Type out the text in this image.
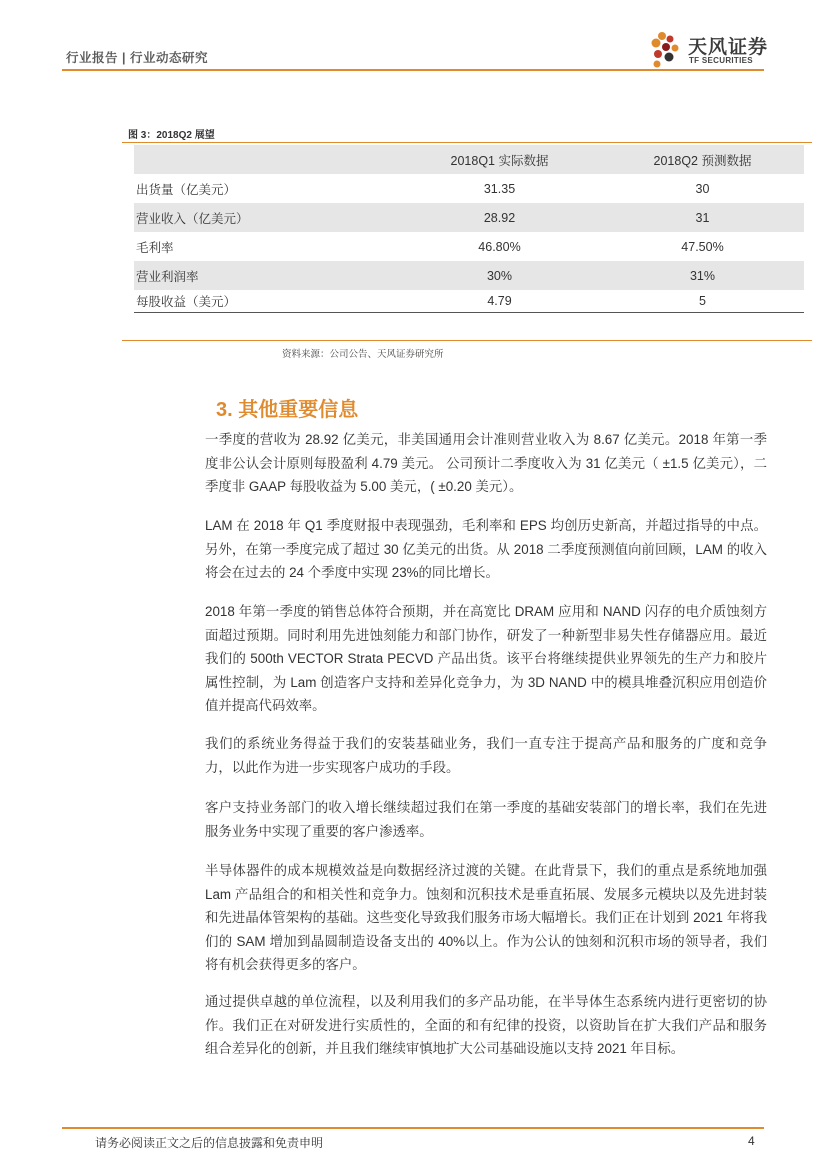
行业报告 | 行业动态研究	天风证券
TF SECURITIES
图 3：2018Q2 展望
	2018Q1 实际数据	2018Q2 预测数据
出货量（亿美元）	31.35	30
营业收入（亿美元）	28.92	31
毛利率	46.80%	47.50%
营业利润率	30%	31%
每股收益（美元）	4.79	5
资料来源：公司公告、天风证券研究所
3. 其他重要信息

一季度的营收为 28.92 亿美元，非美国通用会计准则营业收入为 8.67 亿美元。2018 年第一季度非公认会计原则每股盈利 4.79 美元。 公司预计二季度收入为 31 亿美元（ ±1.5 亿美元），二季度非 GAAP 每股收益为 5.00 美元，( ±0.20 美元）。

LAM 在 2018 年 Q1 季度财报中表现强劲，毛利率和 EPS 均创历史新高，并超过指导的中点。另外，在第一季度完成了超过 30 亿美元的出货。从 2018 二季度预测值向前回顾，LAM 的收入将会在过去的 24 个季度中实现 23%的同比增长。

2018 年第一季度的销售总体符合预期，并在高宽比 DRAM 应用和 NAND 闪存的电介质蚀刻方面超过预期。同时利用先进蚀刻能力和部门协作，研发了一种新型非易失性存储器应用。最近我们的 500th VECTOR Strata PECVD 产品出货。该平台将继续提供业界领先的生产力和胶片属性控制，为 Lam 创造客户支持和差异化竞争力，为 3D NAND 中的模具堆叠沉积应用创造价值并提高代码效率。

我们的系统业务得益于我们的安装基础业务，我们一直专注于提高产品和服务的广度和竞争力，以此作为进一步实现客户成功的手段。

客户支持业务部门的收入增长继续超过我们在第一季度的基础安装部门的增长率，我们在先进服务业务中实现了重要的客户渗透率。

半导体器件的成本规模效益是向数据经济过渡的关键。在此背景下，我们的重点是系统地加强 Lam 产品组合的和相关性和竞争力。蚀刻和沉积技术是垂直拓展、发展多元模块以及先进封装和先进晶体管架构的基础。这些变化导致我们服务市场大幅增长。我们正在计划到 2021 年将我们的 SAM 增加到晶圆制造设备支出的 40%以上。作为公认的蚀刻和沉积市场的领导者，我们将有机会获得更多的客户。

通过提供卓越的单位流程，以及利用我们的多产品功能，在半导体生态系统内进行更密切的协作。我们正在对研发进行实质性的，全面的和有纪律的投资，以资助旨在扩大我们产品和服务组合差异化的创新，并且我们继续审慎地扩大公司基础设施以支持 2021 年目标。

请务必阅读正文之后的信息披露和免责申明	4
